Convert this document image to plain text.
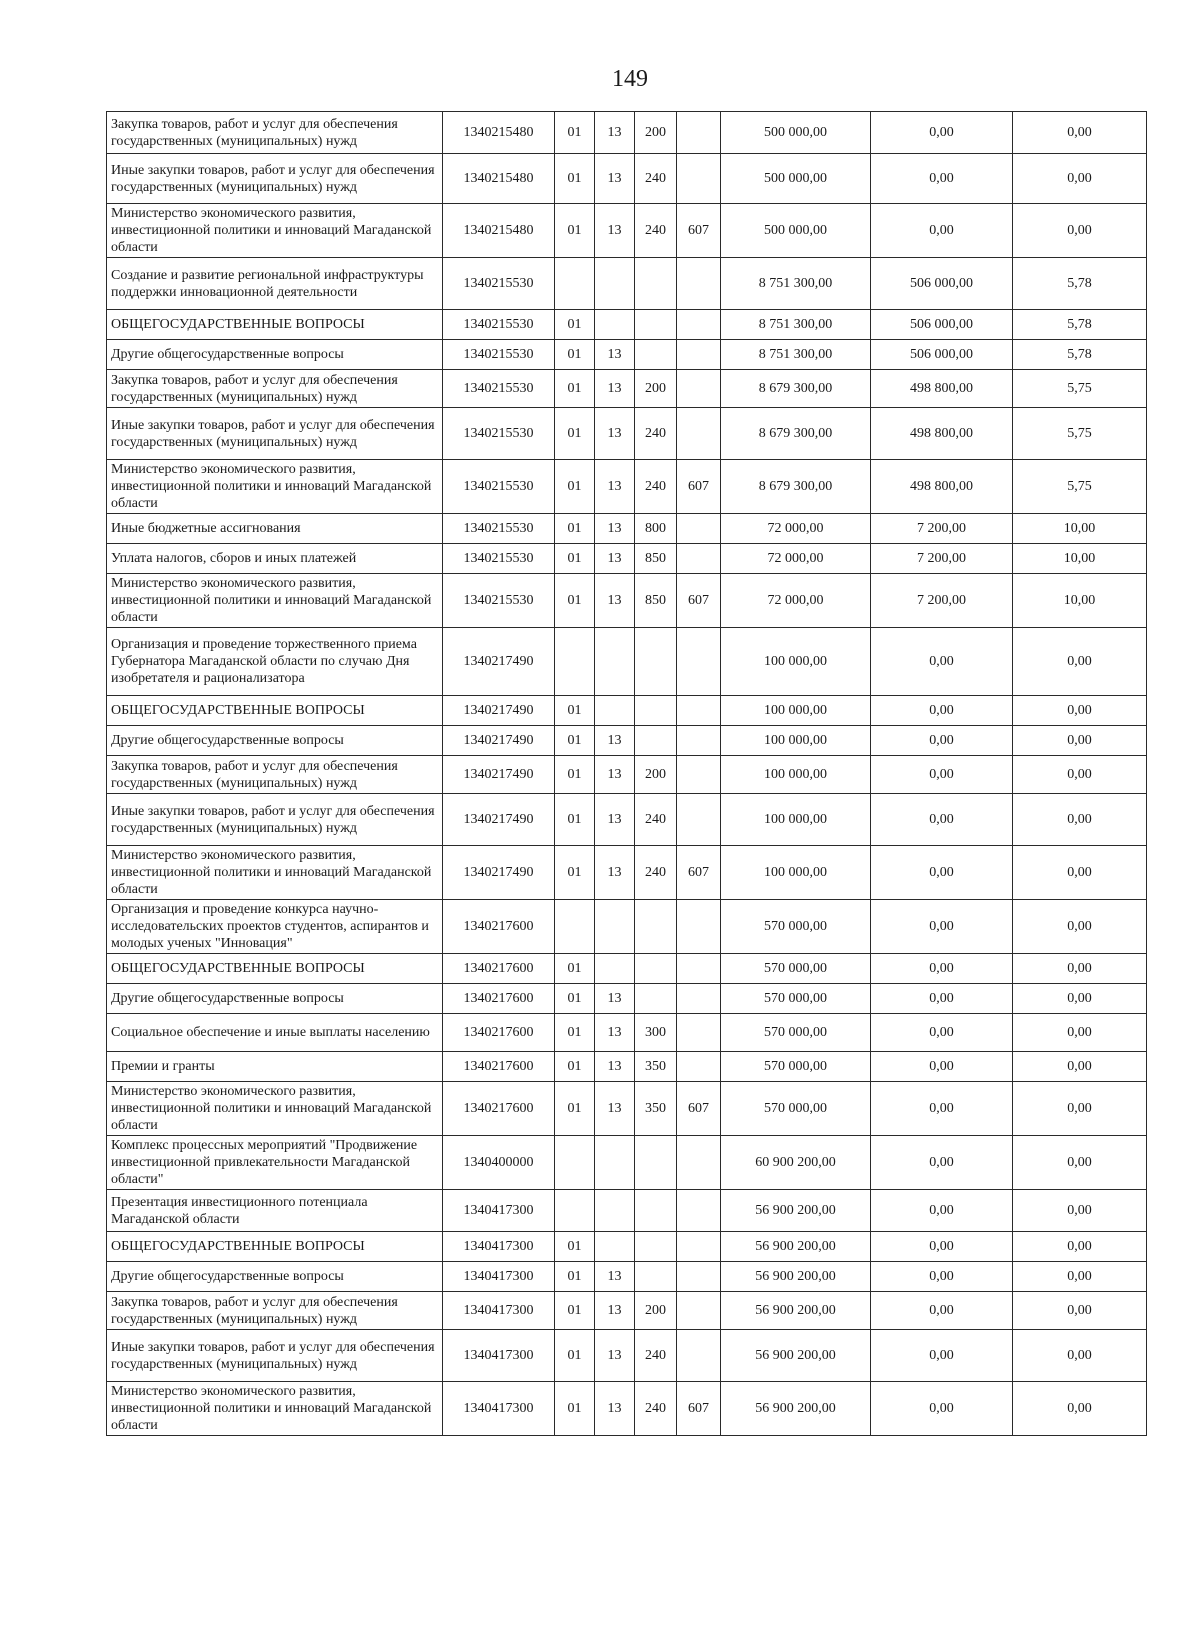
149
Закупка товаров, работ и услуг для обеспечения государственных (муниципальных) нужд	1340215480	01	13	200		500 000,00	0,00	0,00
Иные закупки товаров, работ и услуг для обеспечения государственных (муниципальных) нужд	1340215480	01	13	240		500 000,00	0,00	0,00
Министерство экономического развития, инвестиционной политики и инноваций Магаданской области	1340215480	01	13	240	607	500 000,00	0,00	0,00
Создание и развитие региональной инфраструктуры поддержки инновационной деятельности	1340215530					8 751 300,00	506 000,00	5,78
ОБЩЕГОСУДАРСТВЕННЫЕ ВОПРОСЫ	1340215530	01				8 751 300,00	506 000,00	5,78
Другие общегосударственные вопросы	1340215530	01	13			8 751 300,00	506 000,00	5,78
Закупка товаров, работ и услуг для обеспечения государственных (муниципальных) нужд	1340215530	01	13	200		8 679 300,00	498 800,00	5,75
Иные закупки товаров, работ и услуг для обеспечения государственных (муниципальных) нужд	1340215530	01	13	240		8 679 300,00	498 800,00	5,75
Министерство экономического развития, инвестиционной политики и инноваций Магаданской области	1340215530	01	13	240	607	8 679 300,00	498 800,00	5,75
Иные бюджетные ассигнования	1340215530	01	13	800		72 000,00	7 200,00	10,00
Уплата налогов, сборов и иных платежей	1340215530	01	13	850		72 000,00	7 200,00	10,00
Министерство экономического развития, инвестиционной политики и инноваций Магаданской области	1340215530	01	13	850	607	72 000,00	7 200,00	10,00
Организация и проведение торжественного приема Губернатора Магаданской области по случаю Дня изобретателя и рационализатора	1340217490					100 000,00	0,00	0,00
ОБЩЕГОСУДАРСТВЕННЫЕ ВОПРОСЫ	1340217490	01				100 000,00	0,00	0,00
Другие общегосударственные вопросы	1340217490	01	13			100 000,00	0,00	0,00
Закупка товаров, работ и услуг для обеспечения государственных (муниципальных) нужд	1340217490	01	13	200		100 000,00	0,00	0,00
Иные закупки товаров, работ и услуг для обеспечения государственных (муниципальных) нужд	1340217490	01	13	240		100 000,00	0,00	0,00
Министерство экономического развития, инвестиционной политики и инноваций Магаданской области	1340217490	01	13	240	607	100 000,00	0,00	0,00
Организация и проведение конкурса научно-исследовательских проектов студентов, аспирантов и молодых ученых "Инновация"	1340217600					570 000,00	0,00	0,00
ОБЩЕГОСУДАРСТВЕННЫЕ ВОПРОСЫ	1340217600	01				570 000,00	0,00	0,00
Другие общегосударственные вопросы	1340217600	01	13			570 000,00	0,00	0,00
Социальное обеспечение и иные выплаты населению	1340217600	01	13	300		570 000,00	0,00	0,00
Премии и гранты	1340217600	01	13	350		570 000,00	0,00	0,00
Министерство экономического развития, инвестиционной политики и инноваций Магаданской области	1340217600	01	13	350	607	570 000,00	0,00	0,00
Комплекс процессных мероприятий "Продвижение инвестиционной привлекательности Магаданской области"	1340400000					60 900 200,00	0,00	0,00
Презентация инвестиционного потенциала Магаданской области	1340417300					56 900 200,00	0,00	0,00
ОБЩЕГОСУДАРСТВЕННЫЕ ВОПРОСЫ	1340417300	01				56 900 200,00	0,00	0,00
Другие общегосударственные вопросы	1340417300	01	13			56 900 200,00	0,00	0,00
Закупка товаров, работ и услуг для обеспечения государственных (муниципальных) нужд	1340417300	01	13	200		56 900 200,00	0,00	0,00
Иные закупки товаров, работ и услуг для обеспечения государственных (муниципальных) нужд	1340417300	01	13	240		56 900 200,00	0,00	0,00
Министерство экономического развития, инвестиционной политики и инноваций Магаданской области	1340417300	01	13	240	607	56 900 200,00	0,00	0,00
